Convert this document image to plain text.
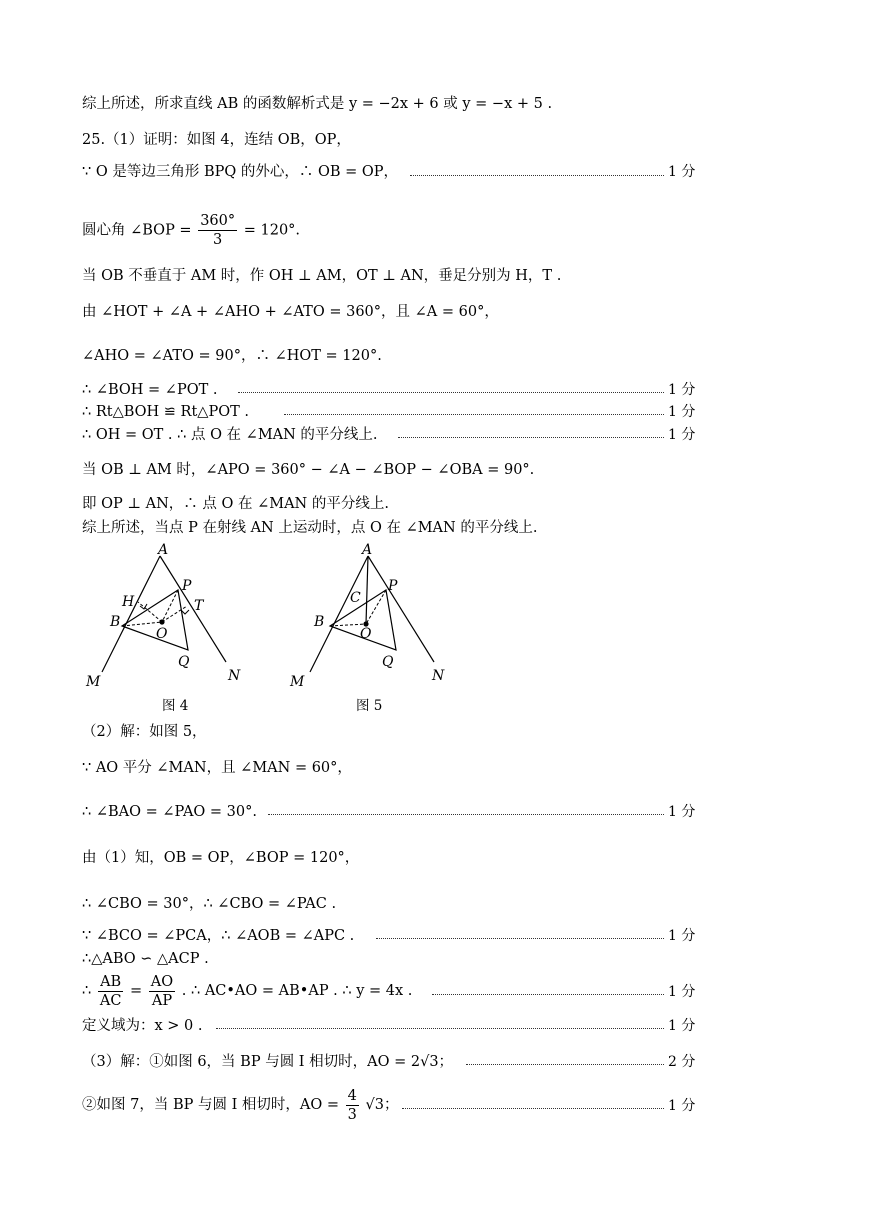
综上所述，所求直线 AB 的函数解析式是 y = −2x + 6 或 y = −x + 5 .
25.（1）证明：如图 4，连结 OB，OP，
∵ O 是等边三角形 BPQ 的外心，∴ OB = OP，	1 分
圆心角 ∠BOP = $\frac{360^\circ}{3} = 120^\circ$.
当 OB 不垂直于 AM 时，作 OH ⊥ AM，OT ⊥ AN，垂足分别为 H，T .
由 ∠HOT + ∠A + ∠AHO + ∠ATO = 360°，且 ∠A = 60°，
∠AHO = ∠ATO = 90°，∴ ∠HOT = 120°.
∴ ∠BOH = ∠POT .	1 分
∴ Rt△BOH ≌ Rt△POT .	1 分
∴ OH = OT . ∴ 点 O 在 ∠MAN 的平分线上.	1 分
当 OB ⊥ AM 时，∠APO = 360° − ∠A − ∠BOP − ∠OBA = 90°.
即 OP ⊥ AN，∴ 点 O 在 ∠MAN 的平分线上.
综上所述，当点 P 在射线 AN 上运动时，点 O 在 ∠MAN 的平分线上.
A
P
H	T
B
O
Q
M	N
图 4
A
P
C
B
O
Q
M	N
图 5
（2）解：如图 5，
∵ AO 平分 ∠MAN，且 ∠MAN = 60°，
∴ ∠BAO = ∠PAO = 30°.	1 分
由（1）知，OB = OP，∠BOP = 120°，
∴ ∠CBO = 30°，∴ ∠CBO = ∠PAC .
∵ ∠BCO = ∠PCA，∴ ∠AOB = ∠APC .	1 分
∴△ABO ∽ △ACP .
∴ $\frac{AB}{AC} = \frac{AO}{AP}$ . ∴ AC•AO = AB•AP . ∴ y = 4x .	1 分
定义域为：x > 0 .	1 分
（3）解：①如图 6，当 BP 与圆 I 相切时，AO = 2√3；	2 分
②如图 7，当 BP 与圆 I 相切时，AO = $\frac{4}{3} √3$；	1 分
